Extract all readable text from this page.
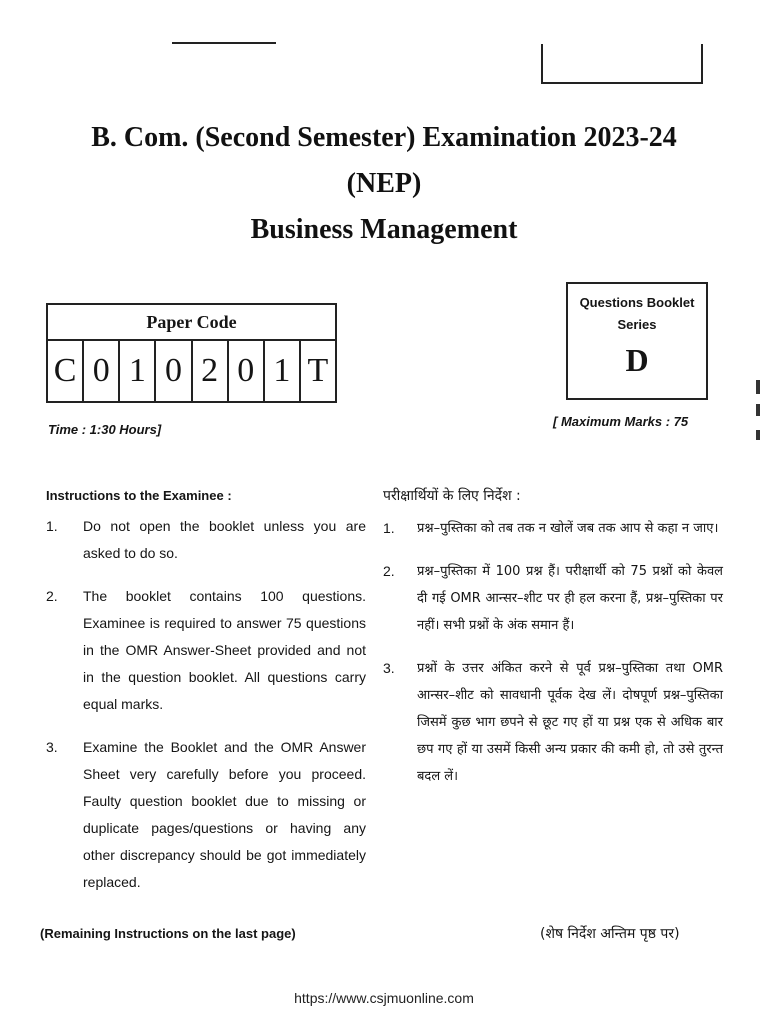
B. Com. (Second Semester) Examination 2023-24
(NEP)
Business Management
Paper Code
C 0 1 0 2 0 1 T
Questions Booklet Series
D
Time : 1:30 Hours]
[ Maximum Marks : 75
Instructions to the Examinee :
1.	Do not open the booklet unless you are asked to do so.
2.	The booklet contains 100 questions. Examinee is required to answer 75 questions in the OMR Answer-Sheet provided and not in the question booklet. All questions carry equal marks.
3.	Examine the Booklet and the OMR Answer Sheet very carefully before you proceed. Faulty question booklet due to missing or duplicate pages/questions or having any other discrepancy should be got immediately replaced.
परीक्षार्थियों के लिए निर्देश :
1.	प्रश्न–पुस्तिका को तब तक न खोलें जब तक आप से कहा न जाए।
2.	प्रश्न–पुस्तिका में 100 प्रश्न हैं। परीक्षार्थी को 75 प्रश्नों को केवल दी गई OMR आन्सर–शीट पर ही हल करना हैं, प्रश्न–पुस्तिका पर नहीं। सभी प्रश्नों के अंक समान हैं।
3.	प्रश्नों के उत्तर अंकित करने से पूर्व प्रश्न–पुस्तिका तथा OMR आन्सर–शीट को सावधानी पूर्वक देख लें। दोषपूर्ण प्रश्न–पुस्तिका जिसमें कुछ भाग छपने से छूट गए हों या प्रश्न एक से अधिक बार छप गए हों या उसमें किसी अन्य प्रकार की कमी हो, तो उसे तुरन्त बदल लें।
(Remaining Instructions on the last page)	(शेष निर्देश अन्तिम पृष्ठ पर)
https://www.csjmuonline.com
